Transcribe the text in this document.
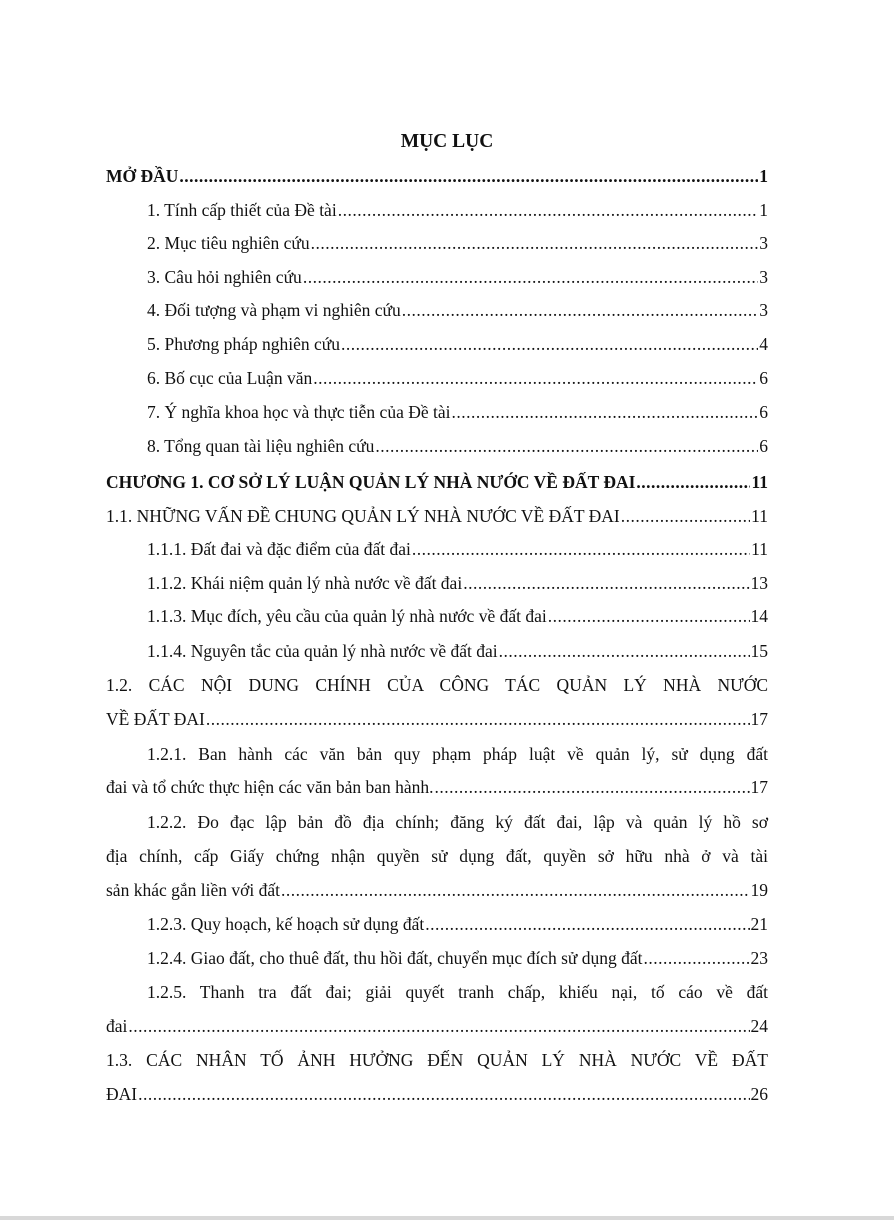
MỤC LỤC
MỞ ĐẦU .....	1
1. Tính cấp thiết của Đề tài .....	1
2. Mục tiêu nghiên cứu .....	3
3. Câu hỏi nghiên cứu .....	3
4. Đối tượng và phạm vi nghiên cứu .....	3
5. Phương pháp nghiên cứu .....	4
6. Bố cục của Luận văn .....	6
7. Ý nghĩa khoa học và thực tiễn của Đề tài .....	6
8. Tổng quan tài liệu nghiên cứu .....	6
CHƯƠNG 1. CƠ SỞ LÝ LUẬN QUẢN LÝ NHÀ NƯỚC VỀ ĐẤT ĐAI .....	11
1.1. NHỮNG VẤN ĐỀ CHUNG QUẢN LÝ NHÀ NƯỚC VỀ ĐẤT ĐAI .....	11
1.1.1. Đất đai và đặc điểm của đất đai .....	11
1.1.2. Khái niệm quản lý nhà nước về đất đai .....	13
1.1.3. Mục đích, yêu cầu của quản lý nhà nước về đất đai .....	14
1.1.4. Nguyên tắc của quản lý nhà nước về đất đai .....	15
1.2. CÁC NỘI DUNG CHÍNH CỦA CÔNG TÁC QUẢN LÝ NHÀ NƯỚC
VỀ ĐẤT ĐAI .....	17
1.2.1. Ban hành các văn bản quy phạm pháp luật về quản lý, sử dụng đất
đai và tổ chức thực hiện các văn bản ban hành. .....	17
1.2.2. Đo đạc lập bản đồ địa chính; đăng ký đất đai, lập và quản lý hồ sơ
địa chính, cấp Giấy chứng nhận quyền sử dụng đất, quyền sở hữu nhà ở và tài
sản khác gắn liền với đất .....	19
1.2.3. Quy hoạch, kế hoạch sử dụng đất .....	21
1.2.4. Giao đất, cho thuê đất, thu hồi đất, chuyển mục đích sử dụng đất .....	23
1.2.5. Thanh tra đất đai; giải quyết tranh chấp, khiếu nại, tố cáo về đất
đai .....	24
1.3. CÁC NHÂN TỐ ẢNH HƯỞNG ĐẾN QUẢN LÝ NHÀ NƯỚC VỀ ĐẤT
ĐAI .....	26
